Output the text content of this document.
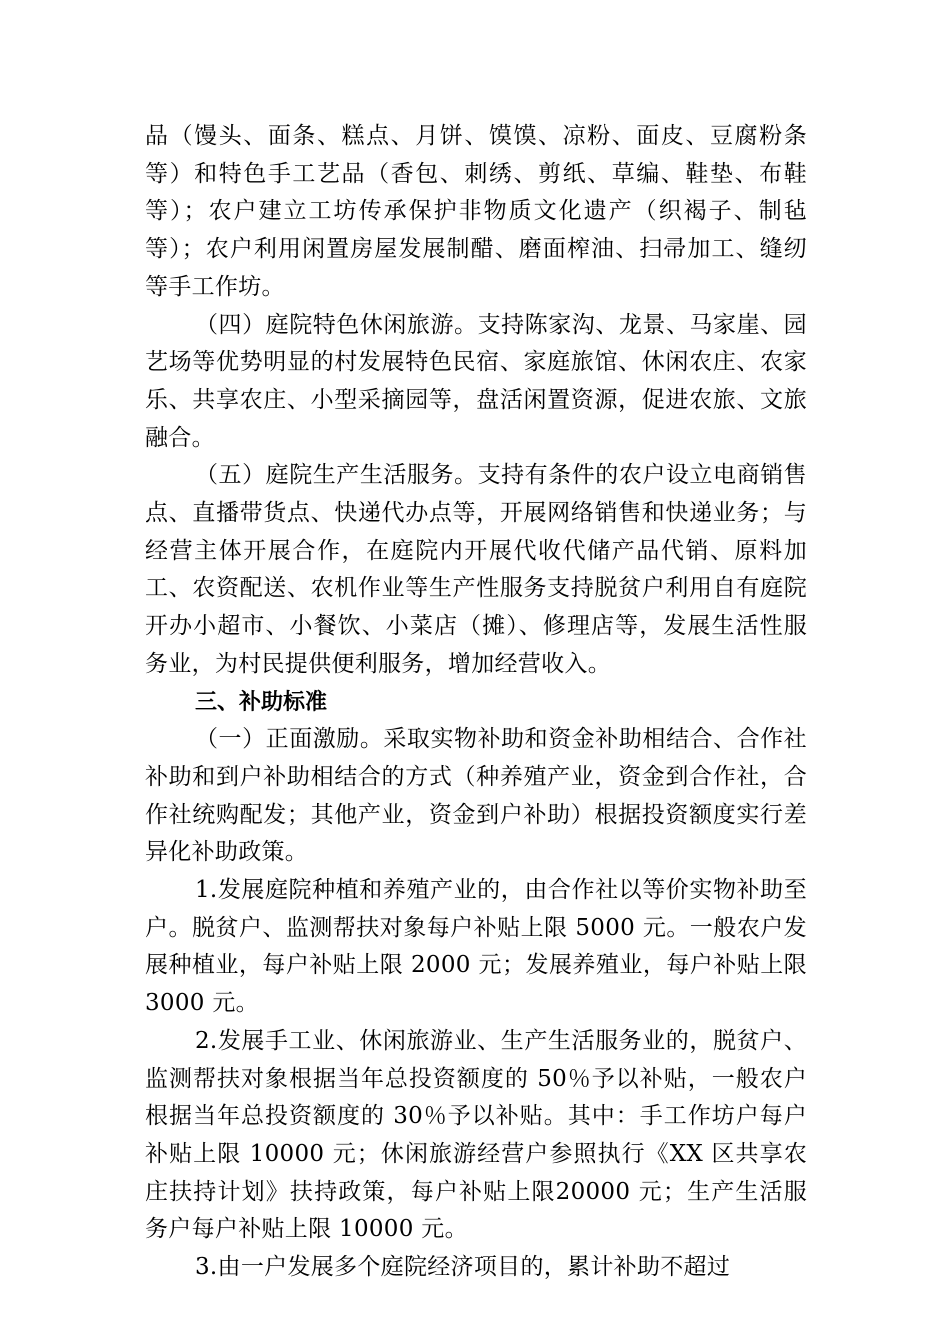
品（馒头、面条、糕点、月饼、馍馍、凉粉、面皮、豆腐粉条等）和特色手工艺品（香包、刺绣、剪纸、草编、鞋垫、布鞋等）；农户建立工坊传承保护非物质文化遗产（织褐子、制毡等）；农户利用闲置房屋发展制醋、磨面榨油、扫帚加工、缝纫等手工作坊。

（四）庭院特色休闲旅游。支持陈家沟、龙景、马家崖、园艺场等优势明显的村发展特色民宿、家庭旅馆、休闲农庄、农家乐、共享农庄、小型采摘园等，盘活闲置资源，促进农旅、文旅融合。

（五）庭院生产生活服务。支持有条件的农户设立电商销售点、直播带货点、快递代办点等，开展网络销售和快递业务；与经营主体开展合作，在庭院内开展代收代储产品代销、原料加工、农资配送、农机作业等生产性服务支持脱贫户利用自有庭院开办小超市、小餐饮、小菜店（摊）、修理店等，发展生活性服务业，为村民提供便利服务，增加经营收入。

三、补助标准

（一）正面激励。采取实物补助和资金补助相结合、合作社补助和到户补助相结合的方式（种养殖产业，资金到合作社，合作社统购配发；其他产业，资金到户补助）根据投资额度实行差异化补助政策。

1.发展庭院种植和养殖产业的，由合作社以等价实物补助至户。脱贫户、监测帮扶对象每户补贴上限 5000 元。一般农户发展种植业，每户补贴上限 2000 元；发展养殖业，每户补贴上限 3000 元。

2.发展手工业、休闲旅游业、生产生活服务业的，脱贫户、监测帮扶对象根据当年总投资额度的 50％予以补贴，一般农户根据当年总投资额度的 30％予以补贴。其中：手工作坊户每户补贴上限 10000 元；休闲旅游经营户参照执行《XX 区共享农庄扶持计划》扶持政策，每户补贴上限20000 元；生产生活服务户每户补贴上限 10000 元。

3.由一户发展多个庭院经济项目的，累计补助不超过
